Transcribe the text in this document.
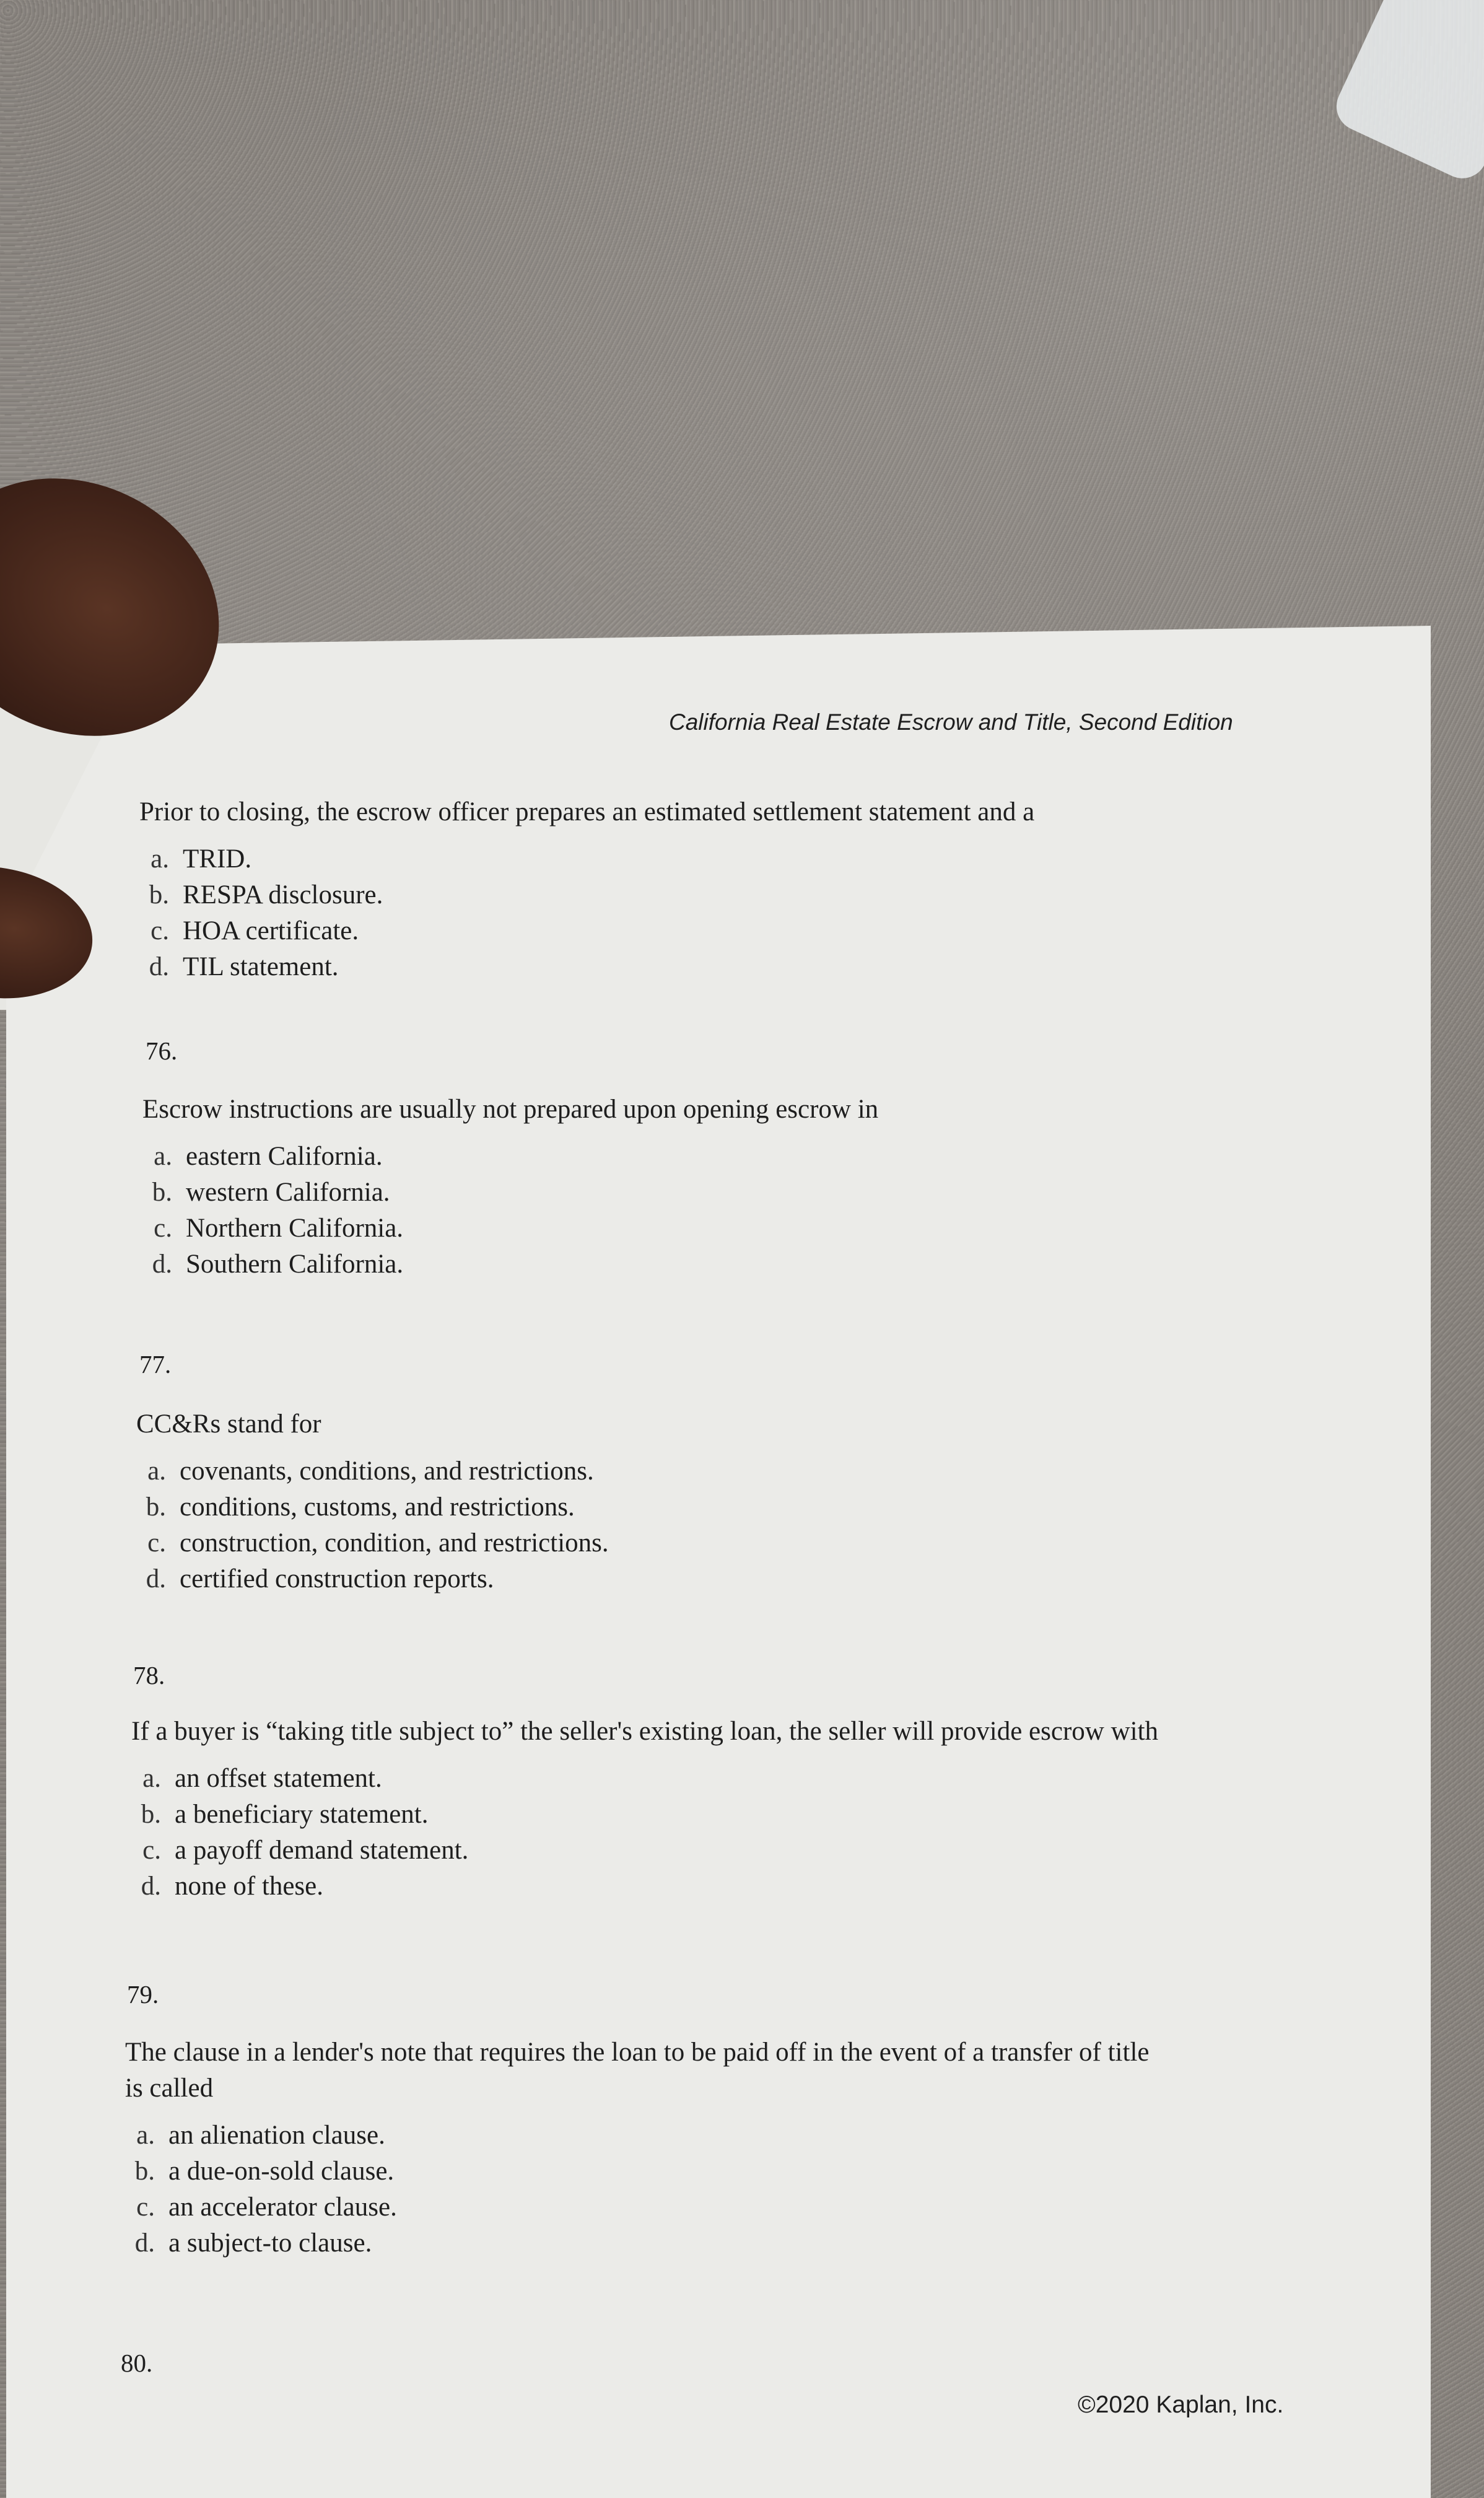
California Real Estate Escrow and Title, Second Edition
Prior to closing, the escrow officer prepares an estimated settlement statement and a
a. TRID.
b. RESPA disclosure.
c. HOA certificate.
d. TIL statement.
76.
Escrow instructions are usually not prepared upon opening escrow in
a. eastern California.
b. western California.
c. Northern California.
d. Southern California.
77.
CC&Rs stand for
a. covenants, conditions, and restrictions.
b. conditions, customs, and restrictions.
c. construction, condition, and restrictions.
d. certified construction reports.
78.
If a buyer is “taking title subject to” the seller's existing loan, the seller will provide escrow with
a. an offset statement.
b. a beneficiary statement.
c. a payoff demand statement.
d. none of these.
79.
The clause in a lender's note that requires the loan to be paid off in the event of a transfer of title
is called
a. an alienation clause.
b. a due-on-sold clause.
c. an accelerator clause.
d. a subject-to clause.
80.
©2020 Kaplan, Inc.
